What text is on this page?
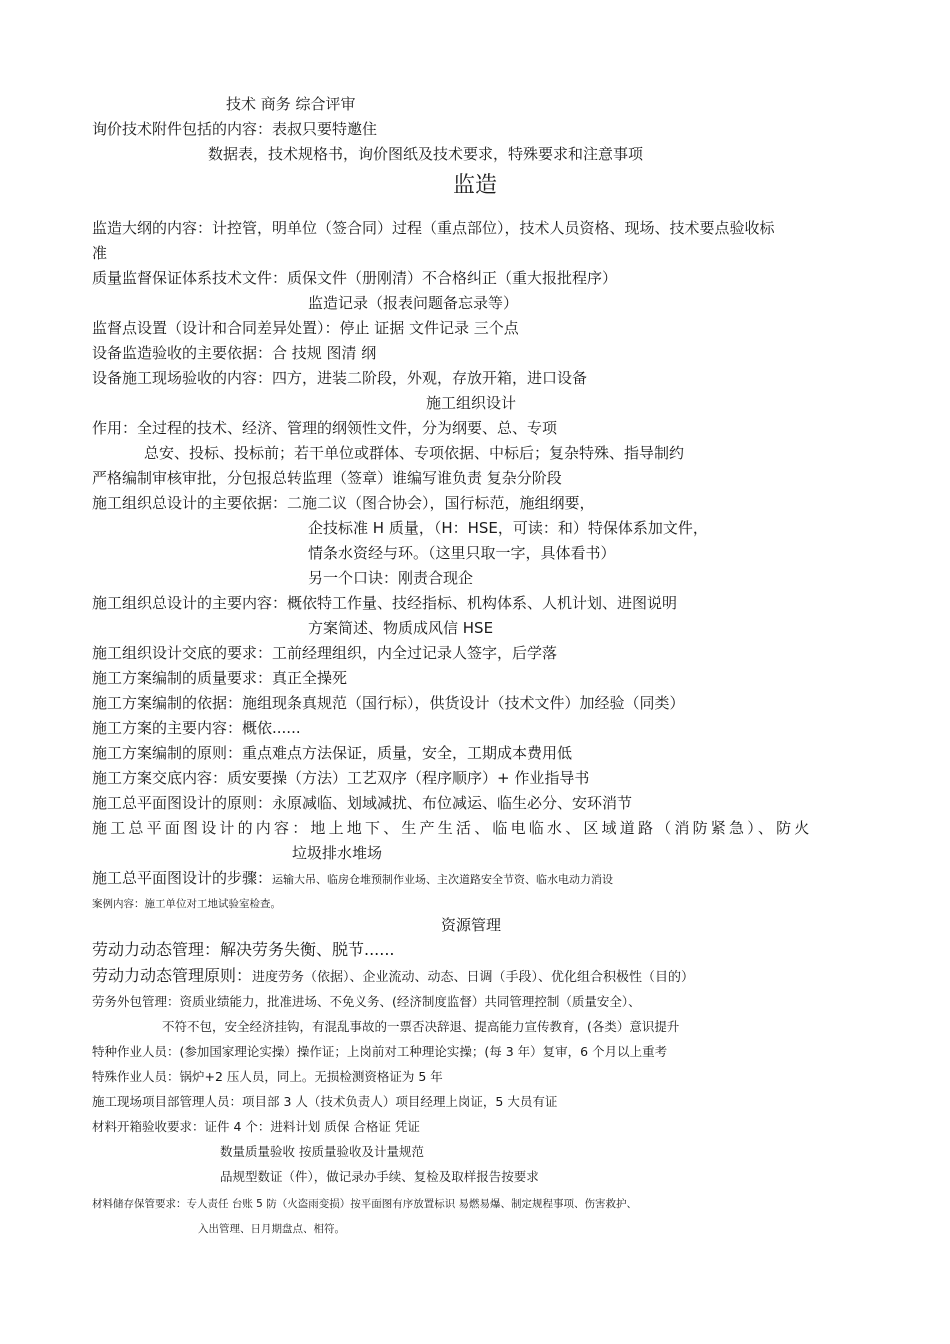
技术 商务 综合评审
询价技术附件包括的内容：表叔只要特邀住
数据表，技术规格书，询价图纸及技术要求，特殊要求和注意事项
监造
监造大纲的内容：计控管，明单位（签合同）过程（重点部位），技术人员资格、现场、技术要点验收标
准
质量监督保证体系技术文件：质保文件（册刚清）不合格纠正（重大报批程序）
监造记录（报表问题备忘录等）
监督点设置（设计和合同差异处置）：停止 证据 文件记录 三个点
设备监造验收的主要依据：合 技规 图清 纲
设备施工现场验收的内容：四方，进装二阶段，外观，存放开箱，进口设备
施工组织设计
作用：全过程的技术、经济、管理的纲领性文件，分为纲要、总、专项
总安、投标、投标前；若干单位或群体、专项依据、中标后；复杂特殊、指导制约
严格编制审核审批，分包报总转监理（签章）谁编写谁负责 复杂分阶段
施工组织总设计的主要依据：二施二议（图合协会），国行标范，施组纲要，
企技标准 H 质量，（H：HSE，可读：和）特保体系加文件，
情条水资经与环。（这里只取一字，具体看书）
另一个口诀：刚责合现企
施工组织总设计的主要内容：概依特工作量、技经指标、机构体系、人机计划、进图说明
方案简述、物质成风信 HSE
施工组织设计交底的要求：工前经理组织，内全过记录人签字，后学落
施工方案编制的质量要求：真正全操死
施工方案编制的依据：施组现条真规范（国行标），供货设计（技术文件）加经验（同类）
施工方案的主要内容：概依......
施工方案编制的原则：重点难点方法保证，质量，安全，工期成本费用低
施工方案交底内容：质安要操（方法）工艺双序（程序顺序）+ 作业指导书
施工总平面图设计的原则：永原减临、划域减扰、布位减运、临生必分、安环消节
施工总平面图设计的内容：地上地下、生产生活、临电临水、区域道路（消防紧急）、防火
垃圾排水堆场
施工总平面图设计的步骤：运输大吊、临房仓堆预制作业场、主次道路安全节资、临水电动力消设
案例内容：施工单位对工地试验室检查。
资源管理
劳动力动态管理：解决劳务失衡、脱节......
劳动力动态管理原则：进度劳务（依据）、企业流动、动态、日调（手段）、优化组合积极性（目的）
劳务外包管理：资质业绩能力，批准进场、不免义务、(经济制度监督）共同管理控制（质量安全）、
不符不包，安全经济挂钩，有混乱事故的一票否决辞退、提高能力宣传教育，(各类）意识提升
特种作业人员：(参加国家理论实操）操作证；上岗前对工种理论实操；(每 3 年）复审，6 个月以上重考
特殊作业人员：锅炉+2 压人员，同上。无损检测资格证为 5 年
施工现场项目部管理人员：项目部 3 人（技术负责人）项目经理上岗证，5 大员有证
材料开箱验收要求：证件 4 个：进料计划 质保 合格证 凭证
数量质量验收 按质量验收及计量规范
品规型数证（件），做记录办手续、复检及取样报告按要求
材料储存保管要求：专人责任 台账 5 防（火盗雨变损）按平面图有序放置标识 易燃易爆、制定规程事项、伤害救护、
入出管理、日月期盘点、相符。
